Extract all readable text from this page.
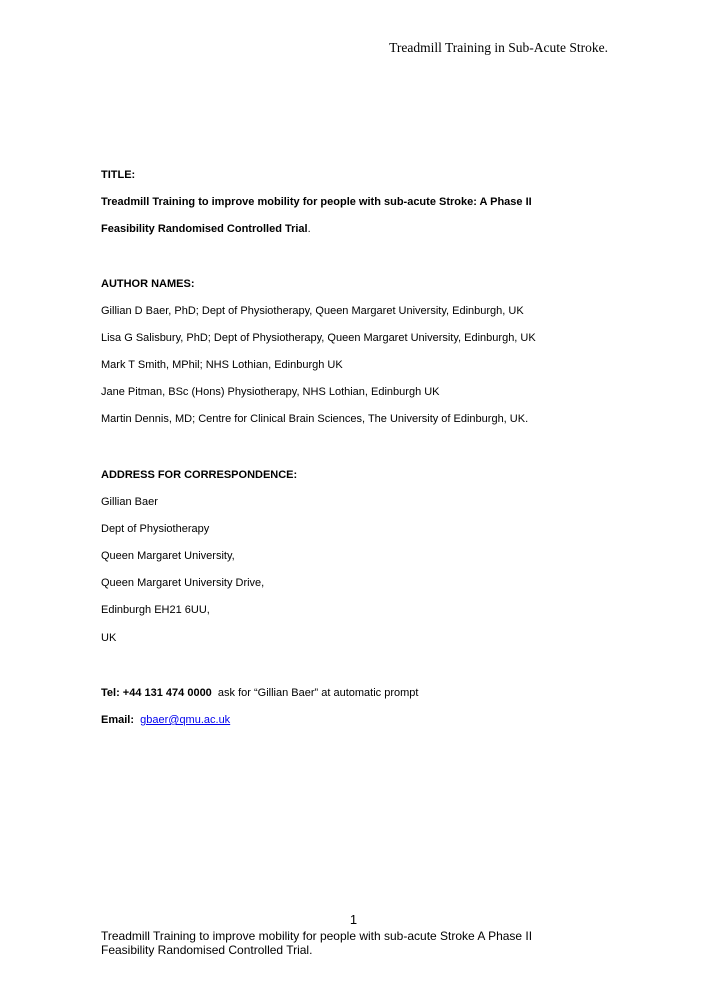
Treadmill Training in Sub-Acute Stroke.
TITLE:
Treadmill Training to improve mobility for people with sub-acute Stroke: A Phase II
Feasibility Randomised Controlled Trial.
AUTHOR NAMES:
Gillian D Baer, PhD; Dept of Physiotherapy, Queen Margaret University, Edinburgh, UK
Lisa G Salisbury, PhD; Dept of Physiotherapy, Queen Margaret University, Edinburgh, UK
Mark T Smith, MPhil; NHS Lothian, Edinburgh UK
Jane Pitman, BSc (Hons) Physiotherapy, NHS Lothian, Edinburgh UK
Martin Dennis, MD; Centre for Clinical Brain Sciences, The University of Edinburgh, UK.
ADDRESS FOR CORRESPONDENCE:
Gillian Baer
Dept of Physiotherapy
Queen Margaret University,
Queen Margaret University Drive,
Edinburgh EH21 6UU,
UK
Tel: +44 131 474 0000  ask for “Gillian Baer” at automatic prompt
Email: gbaer@qmu.ac.uk
1
Treadmill Training to improve mobility for people with sub-acute Stroke A Phase II
Feasibility Randomised Controlled Trial.
